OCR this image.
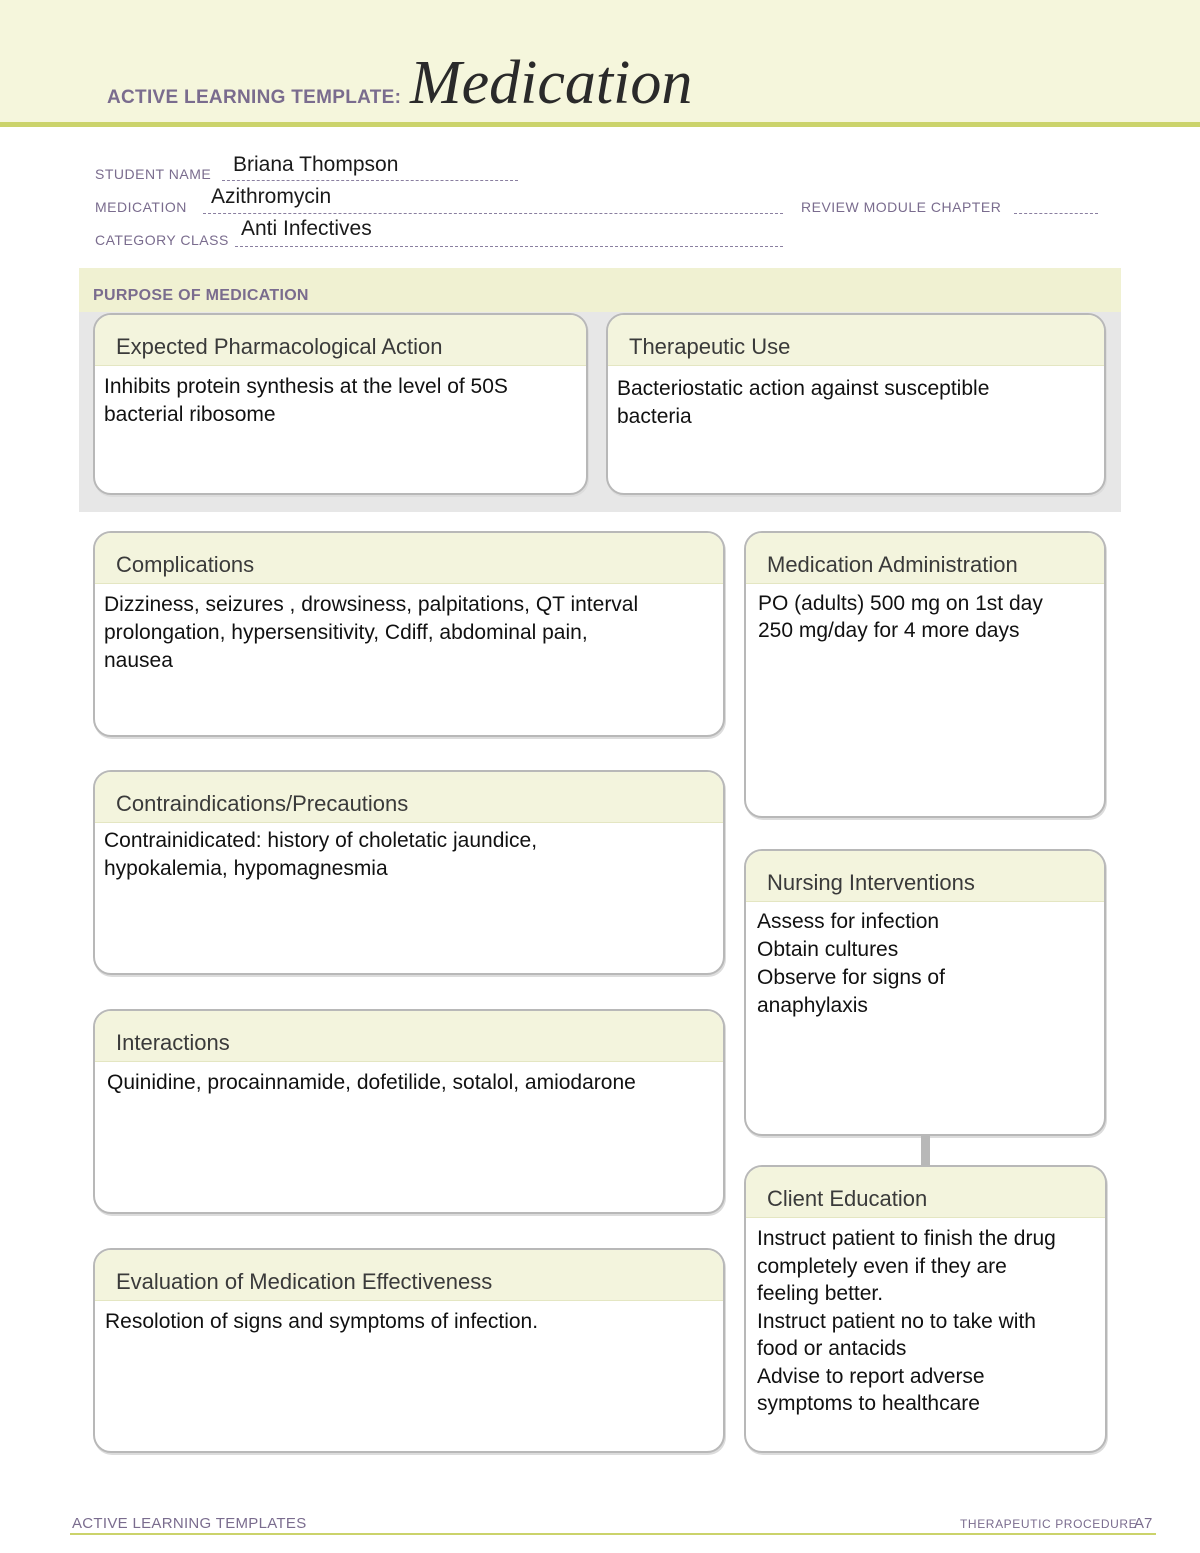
ACTIVE LEARNING TEMPLATE: Medication
STUDENT NAME Briana Thompson
MEDICATION Azithromycin	REVIEW MODULE CHAPTER
CATEGORY CLASS Anti Infectives
PURPOSE OF MEDICATION
Expected Pharmacological Action
Inhibits protein synthesis at the level of 50S
bacterial ribosome
Therapeutic Use
Bacteriostatic action against susceptible
bacteria
Complications
Dizziness, seizures , drowsiness, palpitations, QT interval
prolongation, hypersensitivity, Cdiff, abdominal pain,
nausea
Contraindications/Precautions
Contrainidicated: history of choletatic jaundice,
hypokalemia, hypomagnesmia
Interactions
Quinidine, procainnamide, dofetilide, sotalol, amiodarone
Evaluation of Medication Effectiveness
Resolotion of signs and symptoms of infection.
Medication Administration
PO (adults) 500 mg on 1st day
250 mg/day for 4 more days
Nursing Interventions
Assess for infection
Obtain cultures
Observe for signs of
anaphylaxis
Client Education
Instruct patient to finish the drug
completely even if they are
feeling better.
Instruct patient no to take with
food or antacids
Advise to report adverse
symptoms to healthcare
ACTIVE LEARNING TEMPLATES	THERAPEUTIC PROCEDURE
A7
